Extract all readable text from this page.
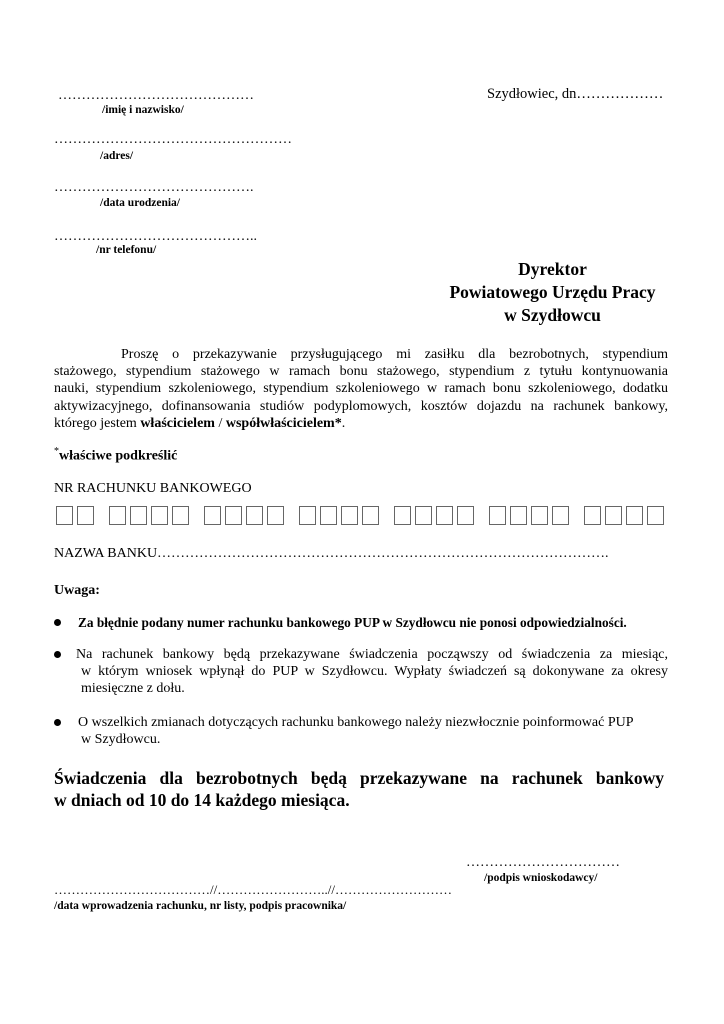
……………………………………
/imię i nazwisko/
……………………………………………
/adres/
…………………………………….
/data urodzenia/
……………………………………..
/nr telefonu/
Szydłowiec, dn………………
Dyrektor
Powiatowego Urzędu Pracy
w Szydłowcu
Proszę o przekazywanie przysługującego mi zasiłku dla bezrobotnych, stypendium
stażowego, stypendium stażowego w ramach bonu stażowego, stypendium z tytułu kontynuowania
nauki, stypendium szkoleniowego, stypendium szkoleniowego w ramach bonu szkoleniowego, dodatku
aktywizacyjnego, dofinansowania studiów podyplomowych, kosztów dojazdu na rachunek bankowy,
którego jestem właścicielem / współwłaścicielem*.
*właściwe podkreślić
NR RACHUNKU BANKOWEGO
NAZWA BANKU…………………………………………………………………………………….
Uwaga:
Za błędnie podany numer rachunku bankowego PUP w Szydłowcu nie ponosi odpowiedzialności.
Na rachunek bankowy będą przekazywane świadczenia począwszy od świadczenia za miesiąc,
w którym wniosek wpłynął do PUP w Szydłowcu. Wypłaty świadczeń są dokonywane za okresy
miesięczne z dołu.
O wszelkich zmianach dotyczących rachunku bankowego należy niezwłocznie poinformować PUP
w Szydłowcu.
Świadczenia dla bezrobotnych będą przekazywane na rachunek bankowy
w dniach od 10 do 14 każdego miesiąca.
……………………………
/podpis wnioskodawcy/
………………………………//……………………..//………………………
/data wprowadzenia rachunku, nr listy, podpis pracownika/
